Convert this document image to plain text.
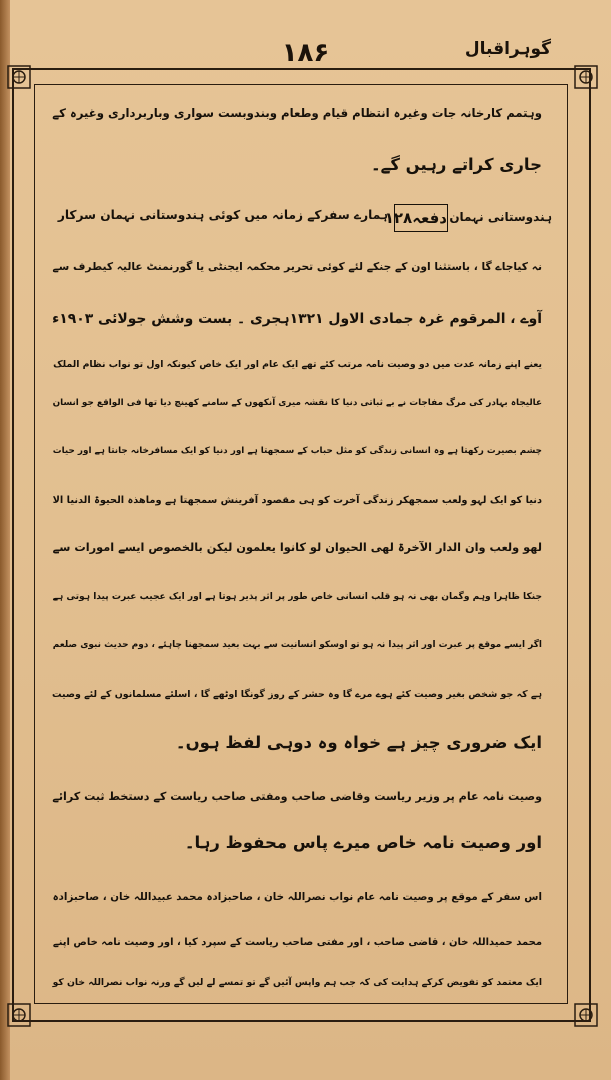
۱۸۶	گوہراقبال
وہتمم کارخانہ جات وغیرہ انتظام قیام وطعام وبندوبست سواری وباربرداری وغیرہ کے
جاری کراتے رہیں گے۔
ہندوستانی نہمان
دفعہ۱۲۸
ہمارے سفرکے زمانہ میں کوئی ہندوستانی نہمان سرکار
نہ کیاجاے گا ، باستثنا اون کے جنکے لئے کوئی تحریر محکمہ ایجنٹی یا گورنمنٹ عالیہ کیطرف سے
آوے ، المرقوم غرہ جمادی الاول ۱۳۲۱ہجری ۔ بست وشش جولائی ۱۹۰۳ء
یعنے اپنے زمانہ عدت میں دو وصیت نامہ مرتب کئے تھے ایک عام اور ایک خاص کیونکہ اول تو نواب نظام الملک
عالیجاہ بہادر کی مرگ مفاجات نے بے ثباتی دنیا کا نقشہ میری آنکھوں کے سامنے کھینچ دیا تھا فی الواقع جو انسان
چشم بصیرت رکھتا ہے وہ انسانی زندگی کو مثل حباب کے سمجھتا ہے اور دنیا کو ایک مسافرخانہ جانتا ہے اور حیات
دنیا کو ایک لہو ولعب سمجھکر زندگی آخرت کو ہی مقصود آفرینش سمجھتا ہے وماھذہ الحیوۃ الدنیا الا
لھو ولعب وان الدار الآخرۃ لھی الحیوان لو کانوا یعلمون لیکن بالخصوص ایسے امورات سے
جنکا ظاہرا وہم وگمان بھی نہ ہو قلب انسانی خاص طور پر اثر پذیر ہوتا ہے اور ایک عجیب عبرت پیدا ہوتی ہے
اگر ایسے موقع پر عبرت اور اثر پیدا نہ ہو تو اوسکو انسانیت سے بہت بعید سمجھنا چاہئے ، دوم حدیث نبوی صلعم
ہے کہ جو شخص بغیر وصیت کئے ہوے مرے گا وہ حشر کے روز گونگا اوٹھے گا ، اسلئے مسلمانوں کے لئے وصیت
ایک ضروری چیز ہے خواہ وہ دوہی لفظ ہوں۔
وصیت نامہ عام پر وزیر ریاست وقاضی صاحب ومفتی صاحب ریاست کے دستخط ثبت کرائے
اور وصیت نامہ خاص میرے پاس محفوظ رہا۔
اس سفر کے موقع پر وصیت نامہ عام نواب نصراللہ خان ، صاحبزادہ محمد عبیداللہ خان ، صاحبزادہ
محمد حمیداللہ خان ، قاضی صاحب ، اور مفتی صاحب ریاست کے سپرد کیا ، اور وصیت نامہ خاص اپنے
ایک معتمد کو تفویض کرکے ہدایت کی کہ جب ہم واپس آئیں گے تو تمسے لے لیں گے ورنہ نواب نصراللہ خان کو
